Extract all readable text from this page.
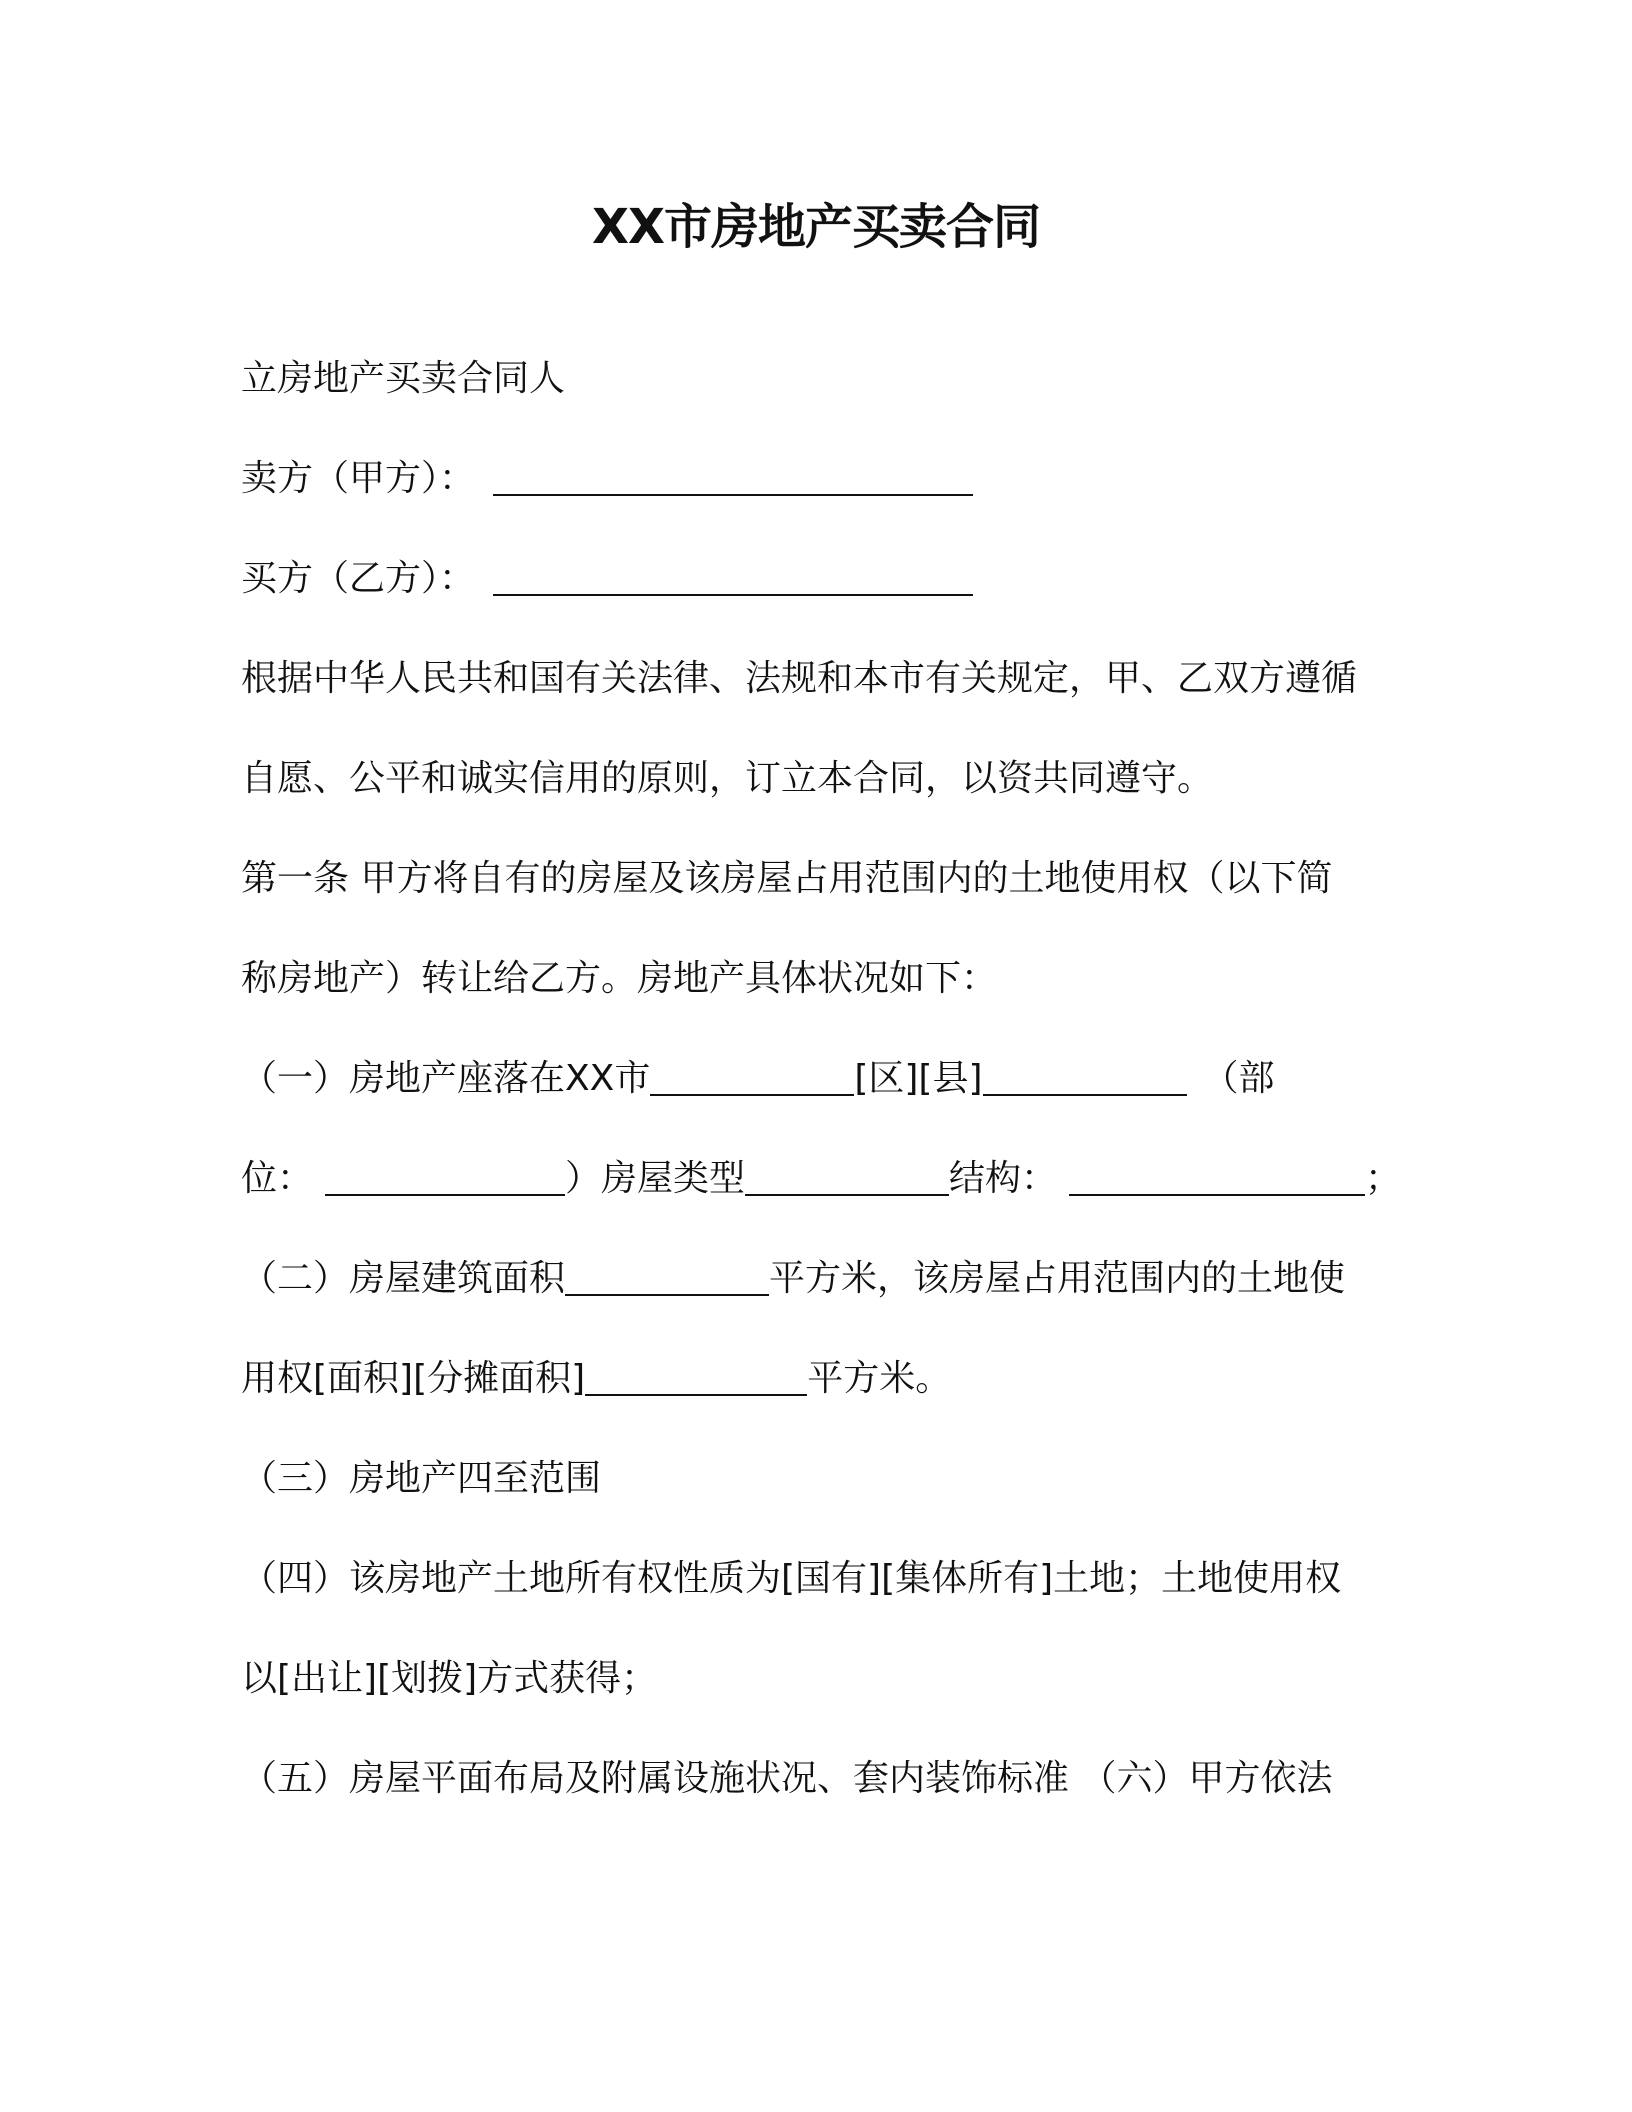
XX市房地产买卖合同
立房地产买卖合同人
卖方（甲方）：
买方（乙方）：
根据中华人民共和国有关法律、法规和本市有关规定，甲、乙双方遵循
自愿、公平和诚实信用的原则，订立本合同，以资共同遵守。
第一条 甲方将自有的房屋及该房屋占用范围内的土地使用权（以下简
称房地产）转让给乙方。房地产具体状况如下：
（一）房地产座落在XX市	[区][县]	（部
位：	）房屋类型	结构：	；
（二）房屋建筑面积	平方米，该房屋占用范围内的土地使
用权[面积][分摊面积]	平方米。
（三）房地产四至范围
（四）该房地产土地所有权性质为[国有][集体所有]土地；土地使用权
以[出让][划拨]方式获得；
（五）房屋平面布局及附属设施状况、套内装饰标准 （六）甲方依法
